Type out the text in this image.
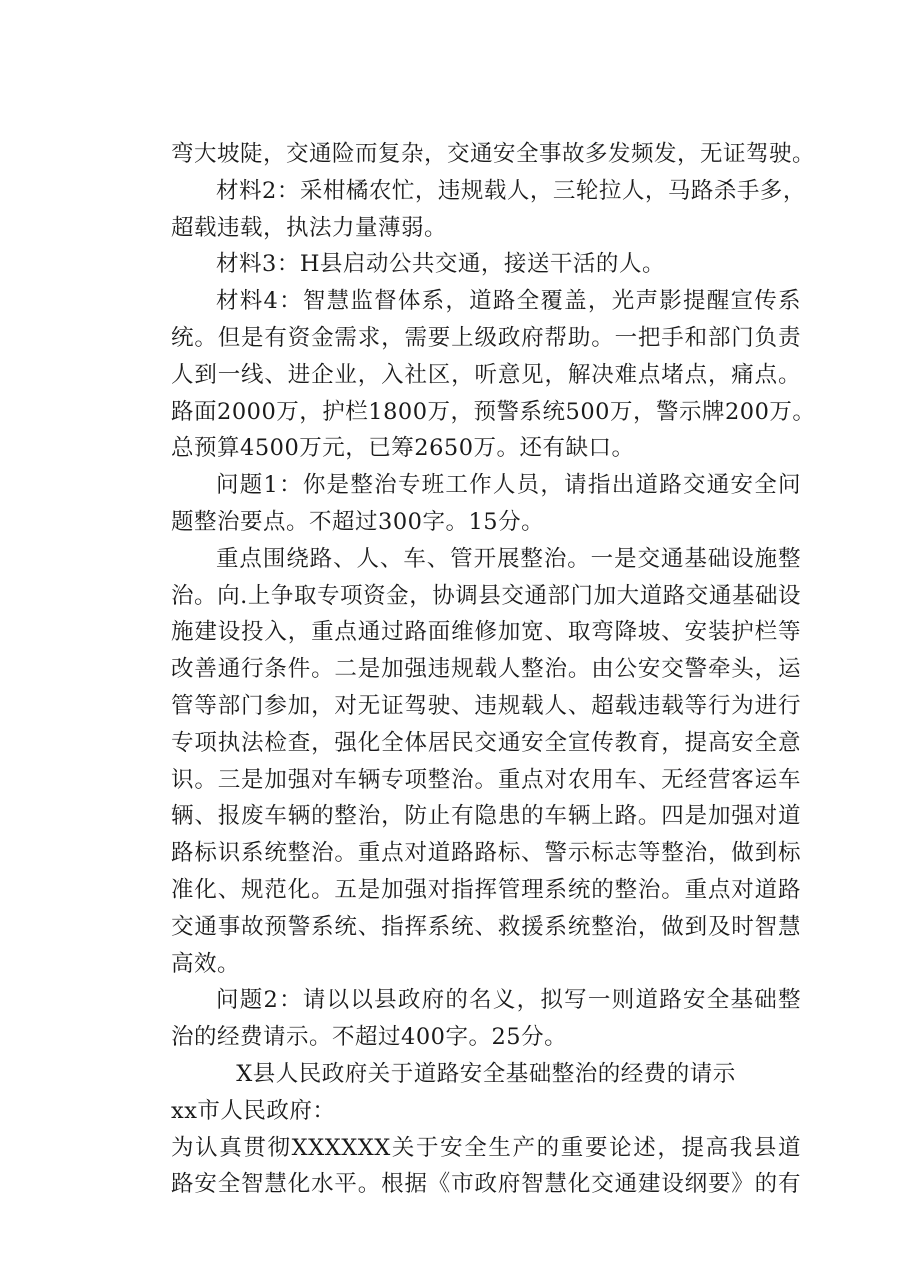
弯大坡陡，交通险而复杂，交通安全事故多发频发，无证驾驶。
材料2：采柑橘农忙，违规载人，三轮拉人，马路杀手多，
超载违载，执法力量薄弱。
材料3：H县启动公共交通，接送干活的人。
材料4：智慧监督体系，道路全覆盖，光声影提醒宣传系
统。但是有资金需求，需要上级政府帮助。一把手和部门负责
人到一线、进企业，入社区，听意见，解决难点堵点，痛点。
路面2000万，护栏1800万，预警系统500万，警示牌200万。
总预算4500万元，已筹2650万。还有缺口。
问题1：你是整治专班工作人员，请指出道路交通安全问
题整治要点。不超过300字。15分。
重点围绕路、人、车、管开展整治。一是交通基础设施整
治。向.上争取专项资金，协调县交通部门加大道路交通基础设
施建设投入，重点通过路面维修加宽、取弯降坡、安装护栏等
改善通行条件。二是加强违规载人整治。由公安交警牵头，运
管等部门参加，对无证驾驶、违规载人、超载违载等行为进行
专项执法检查，强化全体居民交通安全宣传教育，提高安全意
识。三是加强对车辆专项整治。重点对农用车、无经营客运车
辆、报废车辆的整治，防止有隐患的车辆上路。四是加强对道
路标识系统整治。重点对道路路标、警示标志等整治，做到标
准化、规范化。五是加强对指挥管理系统的整治。重点对道路
交通事故预警系统、指挥系统、救援系统整治，做到及时智慧
高效。
问题2：请以以县政府的名义，拟写一则道路安全基础整
治的经费请示。不超过400字。25分。
X县人民政府关于道路安全基础整治的经费的请示
xx市人民政府：
为认真贯彻XXXXXX关于安全生产的重要论述，提高我县道
路安全智慧化水平。根据《市政府智慧化交通建设纲要》的有
